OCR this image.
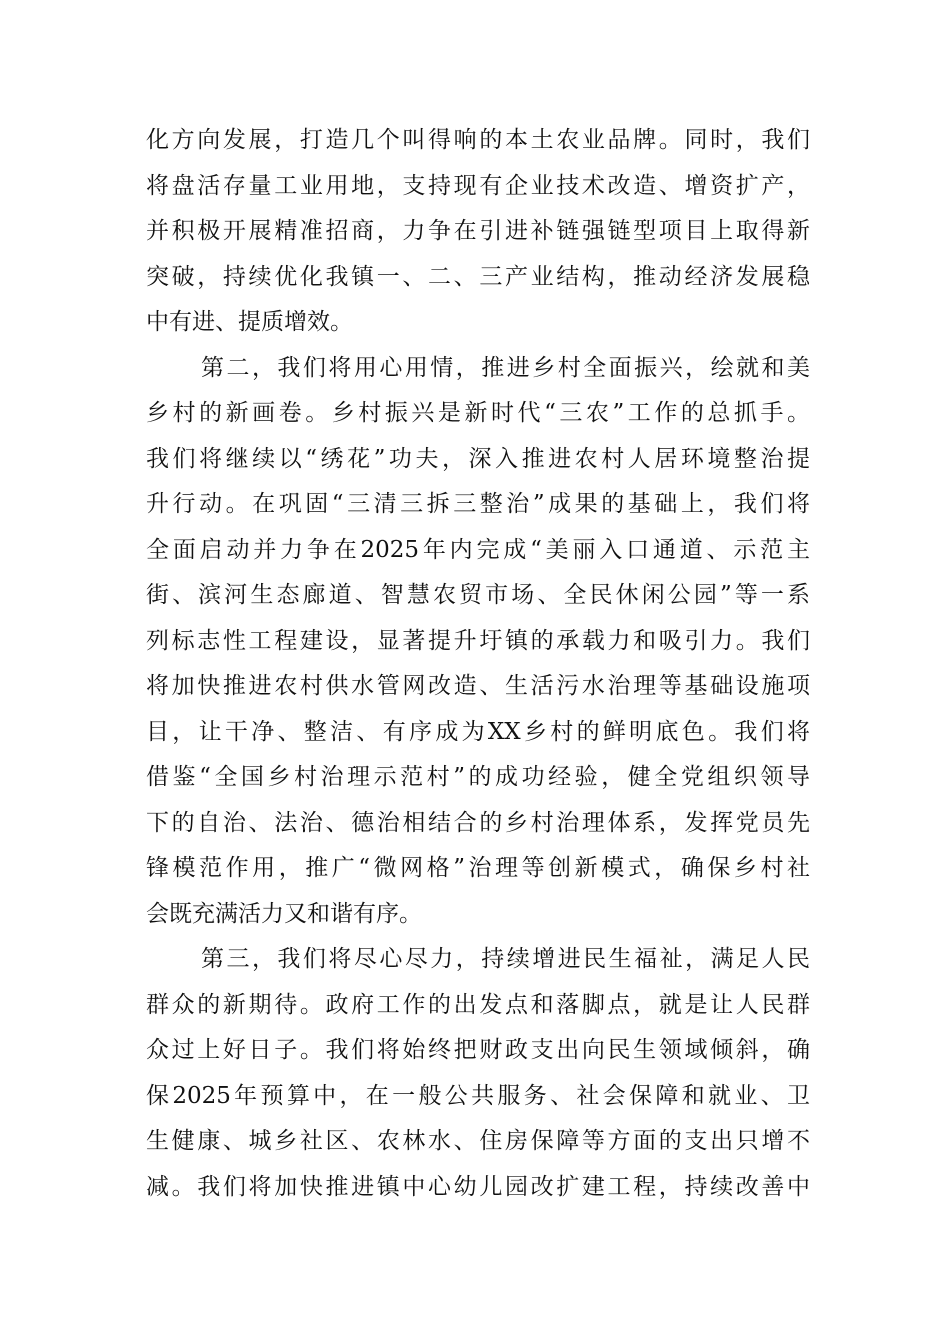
化方向发展，打造几个叫得响的本土农业品牌。同时，我们
将盘活存量工业用地，支持现有企业技术改造、增资扩产，
并积极开展精准招商，力争在引进补链强链型项目上取得新
突破，持续优化我镇一、二、三产业结构，推动经济发展稳
中有进、提质增效。
第二，我们将用心用情，推进乡村全面振兴，绘就和美
乡村的新画卷。乡村振兴是新时代“三农”工作的总抓手。
我们将继续以“绣花”功夫，深入推进农村人居环境整治提
升行动。在巩固“三清三拆三整治”成果的基础上，我们将
全面启动并力争在2025年内完成“美丽入口通道、示范主
街、滨河生态廊道、智慧农贸市场、全民休闲公园”等一系
列标志性工程建设，显著提升圩镇的承载力和吸引力。我们
将加快推进农村供水管网改造、生活污水治理等基础设施项
目，让干净、整洁、有序成为XX乡村的鲜明底色。我们将
借鉴“全国乡村治理示范村”的成功经验，健全党组织领导
下的自治、法治、德治相结合的乡村治理体系，发挥党员先
锋模范作用，推广“微网格”治理等创新模式，确保乡村社
会既充满活力又和谐有序。
第三，我们将尽心尽力，持续增进民生福祉，满足人民
群众的新期待。政府工作的出发点和落脚点，就是让人民群
众过上好日子。我们将始终把财政支出向民生领域倾斜，确
保2025年预算中，在一般公共服务、社会保障和就业、卫
生健康、城乡社区、农林水、住房保障等方面的支出只增不
减。我们将加快推进镇中心幼儿园改扩建工程，持续改善中
